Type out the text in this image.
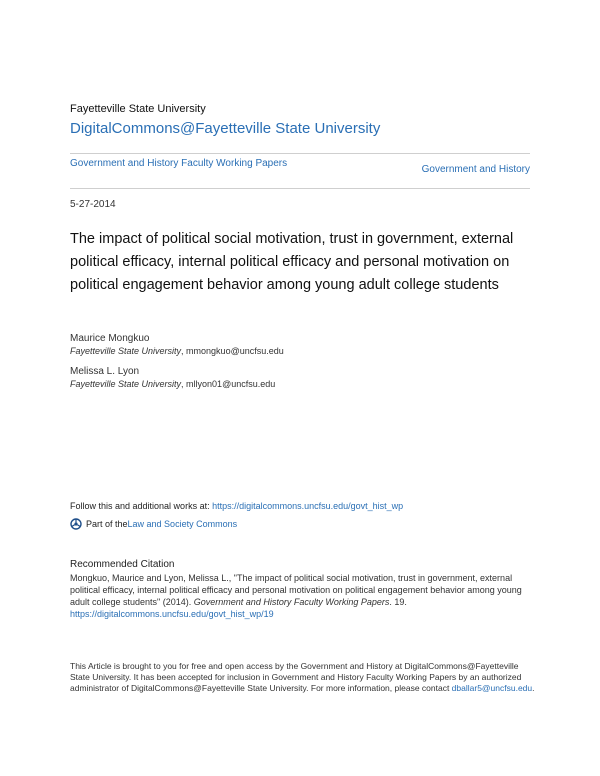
Fayetteville State University
DigitalCommons@Fayetteville State University
Government and History Faculty Working Papers
Government and History
5-27-2014
The impact of political social motivation, trust in government, external political efficacy, internal political efficacy and personal motivation on political engagement behavior among young adult college students
Maurice Mongkuo
Fayetteville State University, mmongkuo@uncfsu.edu
Melissa L. Lyon
Fayetteville State University, mllyon01@uncfsu.edu
Follow this and additional works at: https://digitalcommons.uncfsu.edu/govt_hist_wp
Part of the Law and Society Commons
Recommended Citation
Mongkuo, Maurice and Lyon, Melissa L., "The impact of political social motivation, trust in government, external political efficacy, internal political efficacy and personal motivation on political engagement behavior among young adult college students" (2014). Government and History Faculty Working Papers. 19.
https://digitalcommons.uncfsu.edu/govt_hist_wp/19
This Article is brought to you for free and open access by the Government and History at DigitalCommons@Fayetteville State University. It has been accepted for inclusion in Government and History Faculty Working Papers by an authorized administrator of DigitalCommons@Fayetteville State University. For more information, please contact dballar5@uncfsu.edu.
